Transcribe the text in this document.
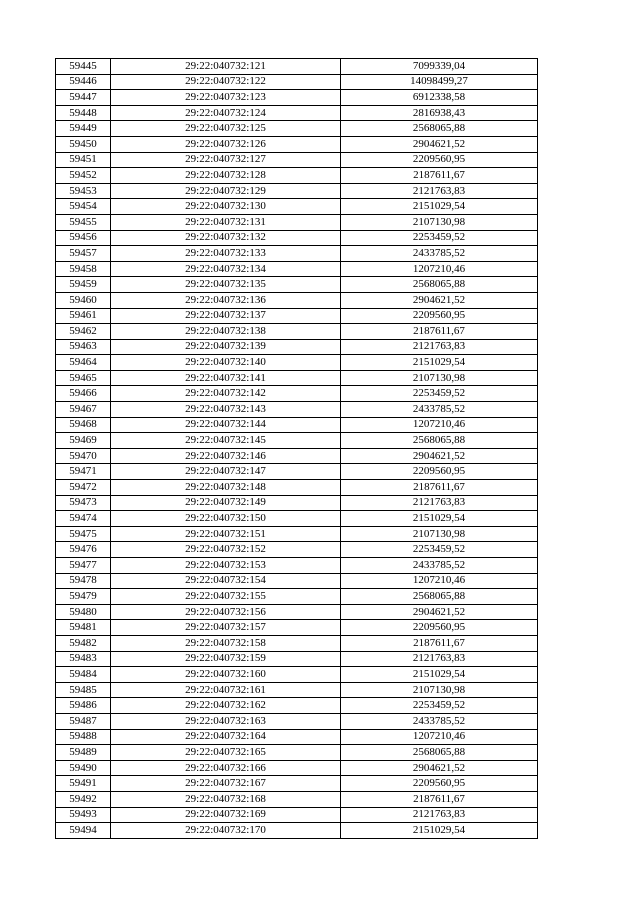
59445	29:22:040732:121	7099339,04
59446	29:22:040732:122	14098499,27
59447	29:22:040732:123	6912338,58
59448	29:22:040732:124	2816938,43
59449	29:22:040732:125	2568065,88
59450	29:22:040732:126	2904621,52
59451	29:22:040732:127	2209560,95
59452	29:22:040732:128	2187611,67
59453	29:22:040732:129	2121763,83
59454	29:22:040732:130	2151029,54
59455	29:22:040732:131	2107130,98
59456	29:22:040732:132	2253459,52
59457	29:22:040732:133	2433785,52
59458	29:22:040732:134	1207210,46
59459	29:22:040732:135	2568065,88
59460	29:22:040732:136	2904621,52
59461	29:22:040732:137	2209560,95
59462	29:22:040732:138	2187611,67
59463	29:22:040732:139	2121763,83
59464	29:22:040732:140	2151029,54
59465	29:22:040732:141	2107130,98
59466	29:22:040732:142	2253459,52
59467	29:22:040732:143	2433785,52
59468	29:22:040732:144	1207210,46
59469	29:22:040732:145	2568065,88
59470	29:22:040732:146	2904621,52
59471	29:22:040732:147	2209560,95
59472	29:22:040732:148	2187611,67
59473	29:22:040732:149	2121763,83
59474	29:22:040732:150	2151029,54
59475	29:22:040732:151	2107130,98
59476	29:22:040732:152	2253459,52
59477	29:22:040732:153	2433785,52
59478	29:22:040732:154	1207210,46
59479	29:22:040732:155	2568065,88
59480	29:22:040732:156	2904621,52
59481	29:22:040732:157	2209560,95
59482	29:22:040732:158	2187611,67
59483	29:22:040732:159	2121763,83
59484	29:22:040732:160	2151029,54
59485	29:22:040732:161	2107130,98
59486	29:22:040732:162	2253459,52
59487	29:22:040732:163	2433785,52
59488	29:22:040732:164	1207210,46
59489	29:22:040732:165	2568065,88
59490	29:22:040732:166	2904621,52
59491	29:22:040732:167	2209560,95
59492	29:22:040732:168	2187611,67
59493	29:22:040732:169	2121763,83
59494	29:22:040732:170	2151029,54
